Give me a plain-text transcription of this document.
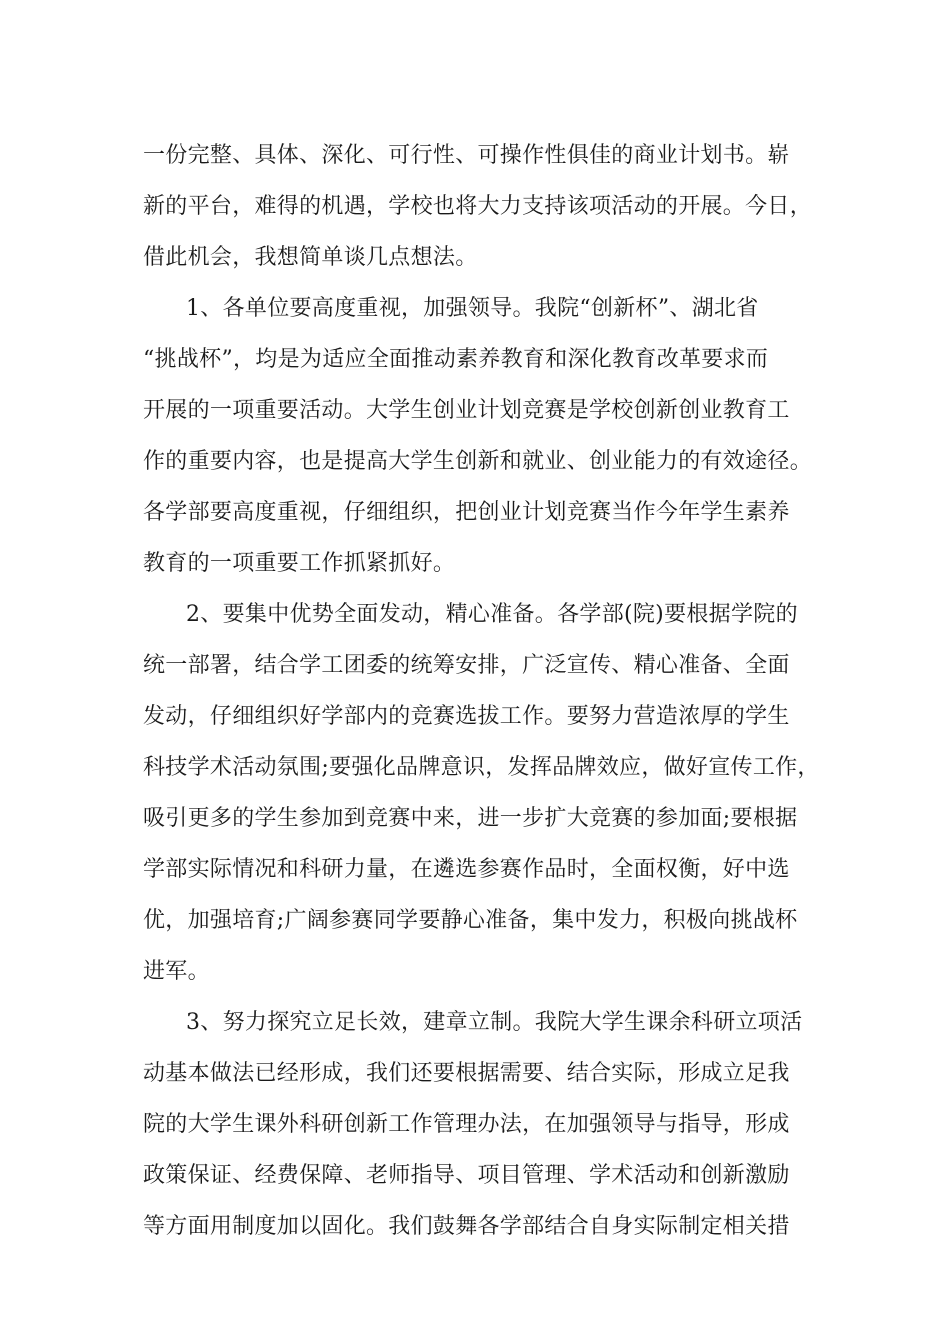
一份完整、具体、深化、可行性、可操作性俱佳的商业计划书。崭
新的平台，难得的机遇，学校也将大力支持该项活动的开展。今日，
借此机会，我想简单谈几点想法。
1、各单位要高度重视，加强领导。我院“创新杯”、湖北省
“挑战杯”，均是为适应全面推动素养教育和深化教育改革要求而
开展的一项重要活动。大学生创业计划竞赛是学校创新创业教育工
作的重要内容，也是提高大学生创新和就业、创业能力的有效途径。
各学部要高度重视，仔细组织，把创业计划竞赛当作今年学生素养
教育的一项重要工作抓紧抓好。
2、要集中优势全面发动，精心准备。各学部(院)要根据学院的
统一部署，结合学工团委的统筹安排，广泛宣传、精心准备、全面
发动，仔细组织好学部内的竞赛选拔工作。要努力营造浓厚的学生
科技学术活动氛围;要强化品牌意识，发挥品牌效应，做好宣传工作，
吸引更多的学生参加到竞赛中来，进一步扩大竞赛的参加面;要根据
学部实际情况和科研力量，在遴选参赛作品时，全面权衡，好中选
优，加强培育;广阔参赛同学要静心准备，集中发力，积极向挑战杯
进军。
3、努力探究立足长效，建章立制。我院大学生课余科研立项活
动基本做法已经形成，我们还要根据需要、结合实际，形成立足我
院的大学生课外科研创新工作管理办法，在加强领导与指导，形成
政策保证、经费保障、老师指导、项目管理、学术活动和创新激励
等方面用制度加以固化。我们鼓舞各学部结合自身实际制定相关措
